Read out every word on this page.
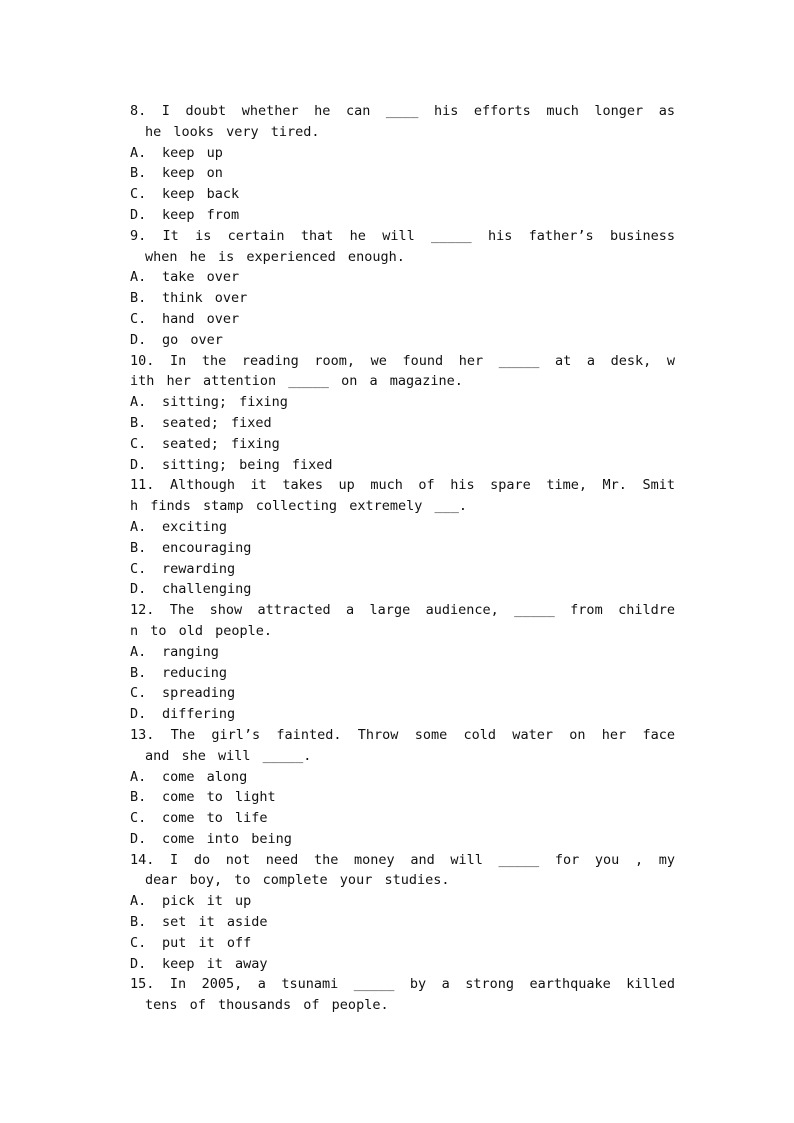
8. I doubt whether he can ____ his efforts much longer as
he looks very tired.
A. keep up
B. keep on
C. keep back
D. keep from
9. It is certain that he will _____ his father’s business
when he is experienced enough.
A. take over
B. think over
C. hand over
D. go over
10. In the reading room, we found her _____ at a desk, w
ith her attention _____ on a magazine.
A. sitting; fixing
B. seated; fixed
C. seated; fixing
D. sitting; being fixed
11. Although it takes up much of his spare time, Mr. Smit
h finds stamp collecting extremely ___.
A. exciting
B. encouraging
C. rewarding
D. challenging
12. The show attracted a large audience, _____ from childre
n to old people.
A. ranging
B. reducing
C. spreading
D. differing
13. The girl’s fainted. Throw some cold water on her face
and she will _____.
A. come along
B. come to light
C. come to life
D. come into being
14. I do not need the money and will _____ for you , my
dear boy, to complete your studies.
A. pick it up
B. set it aside
C. put it off
D. keep it away
15. In 2005, a tsunami _____ by a strong earthquake killed
tens of thousands of people.
